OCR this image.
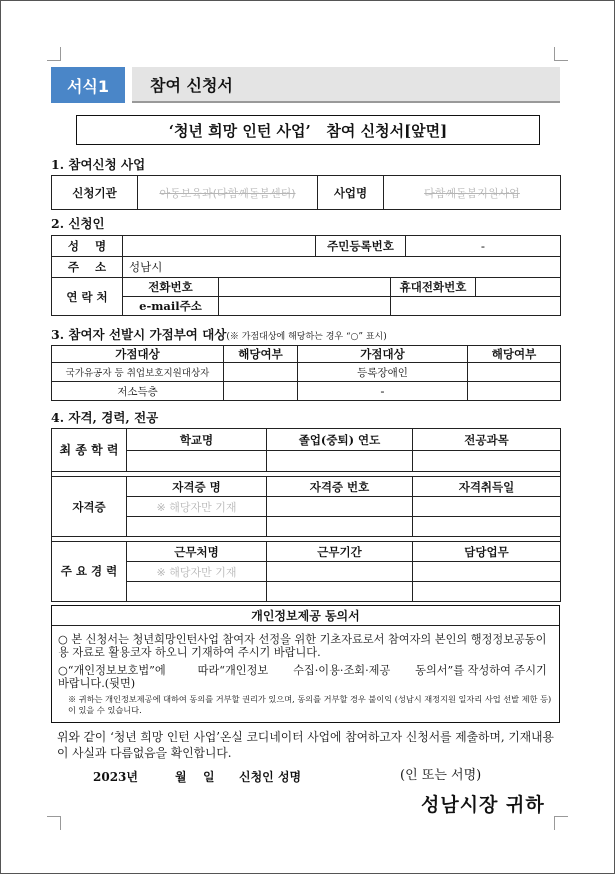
서식1	참여 신청서
‘청년 희망 인턴 사업’   참여 신청서[앞면]
1. 참여신청 사업
신청기관	아동보육과(다함께돌봄센터)	사업명	다함께돌봄지원사업
2. 신청인
성    명			주민등록번호		-	
주    소	성남시					
연 락 처	전화번호			휴대전화번호		
	e-mail주소					
3. 참여자 선발시 가점부여 대상(※ 가점대상에 해당하는 경우 “○” 표시)
가점대상	해당여부	가점대상	해당여부
국가유공자 등 취업보호지원대상자		등록장애인	
저소득층		-	
4. 자격, 경력, 전공
최 종 학 력	학교명	졸업(중퇴) 연도	전공과목

자격증	자격증 명	자격증 번호	자격취득일
	※ 해당자만 기재		

주 요 경 력	근무처명	근무기간	담당업무
	※ 해당자만 기재		

개인정보제공 동의서

○ 본 신청서는 청년희망인턴사업 참여자 선정을 위한 기초자료로서 참여자의 본인의 행정정보공동이용 자료로 활용코자 하오니 기재하여 주시기 바랍니다.

○“개인정보보호법”에         따라“개인정보       수집·이용·조회·제공       동의서”를 작성하여 주시기 바랍니다.(뒷면)

※ 귀하는 개인정보제공에 대하여 동의를 거부할 권리가 있으며, 동의를 거부할 경우 불이익 (성남시 재정지원 일자리 사업 선발 제한 등)이 있을 수 있습니다.

위와 같이 ‘청년 희망 인턴 사업’온실 코디네이터 사업에 참여하고자 신청서를 제출하며, 기재내용이 사실과 다름없음을 확인합니다.
2023년	월 일 신청인 성명	(인 또는 서명)
성남시장 귀하
